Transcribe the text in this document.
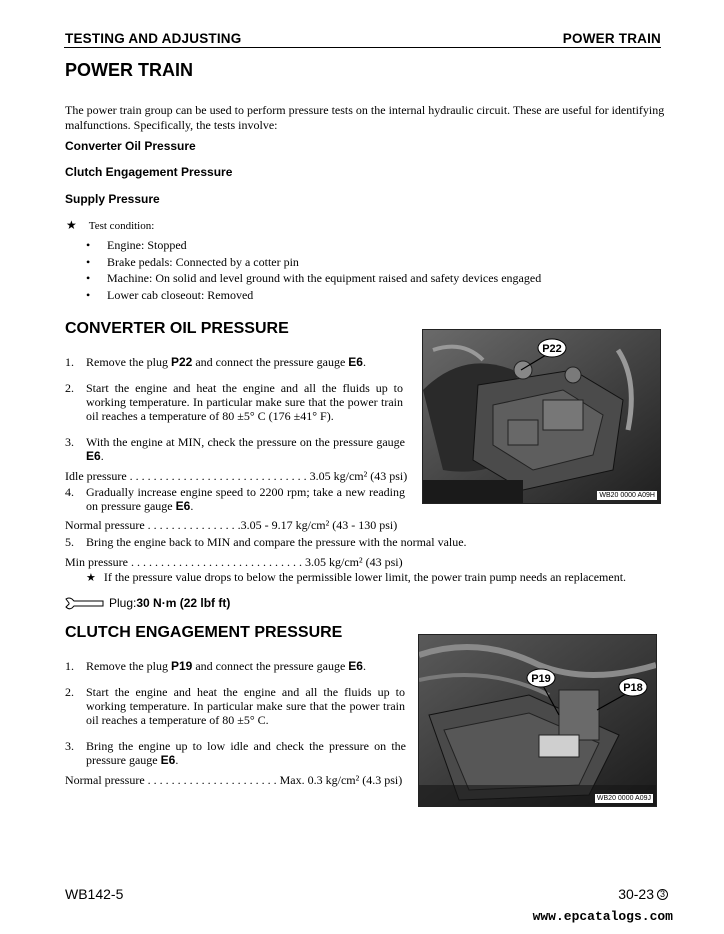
TESTING AND ADJUSTING	POWER TRAIN
POWER TRAIN
The power train group can be used to perform pressure tests on the internal hydraulic circuit. These are useful for identifying malfunctions. Specifically, the tests involve:
Converter Oil Pressure
Clutch Engagement Pressure
Supply Pressure
★ Test condition:
• Engine: Stopped
• Brake pedals: Connected by a cotter pin
• Machine: On solid and level ground with the equipment raised and safety devices engaged
• Lower cab closeout: Removed
CONVERTER OIL PRESSURE
1. Remove the plug P22 and connect the pressure gauge E6.
2. Start the engine and heat the engine and all the fluids up to working temperature. In particular make sure that the power train oil reaches a temperature of 80 ±5° C (176 ±41° F).
3. With the engine at MIN, check the pressure on the pressure gauge E6.
Idle pressure . . . . . . . . . . . . . . . . . . . . . . . . . . . . . . 3.05 kg/cm² (43 psi)
4. Gradually increase engine speed to 2200 rpm; take a new reading on pressure gauge E6.
Normal pressure . . . . . . . . . . . . . . . .3.05 - 9.17 kg/cm² (43 - 130 psi)
5. Bring the engine back to MIN and compare the pressure with the normal value.
Min pressure . . . . . . . . . . . . . . . . . . . . . . . . . . . . . 3.05 kg/cm² (43 psi)
★ If the pressure value drops to below the permissible lower limit, the power train pump needs an replacement.
P22
WB20 0000 A09H
Plug: 30 N·m (22 lbf ft)
CLUTCH ENGAGEMENT PRESSURE
1. Remove the plug P19 and connect the pressure gauge E6.
2. Start the engine and heat the engine and all the fluids up to working temperature. In particular make sure that the power train oil reaches a temperature of 80 ±5° C.
3. Bring the engine up to low idle and check the pressure on the pressure gauge E6.
Normal pressure . . . . . . . . . . . . . . . . . . . . . . Max. 0.3 kg/cm² (4.3 psi)
P19
P18
WB20 0000 A09J
WB142-5	30-23 3
www.epcatalogs.com
